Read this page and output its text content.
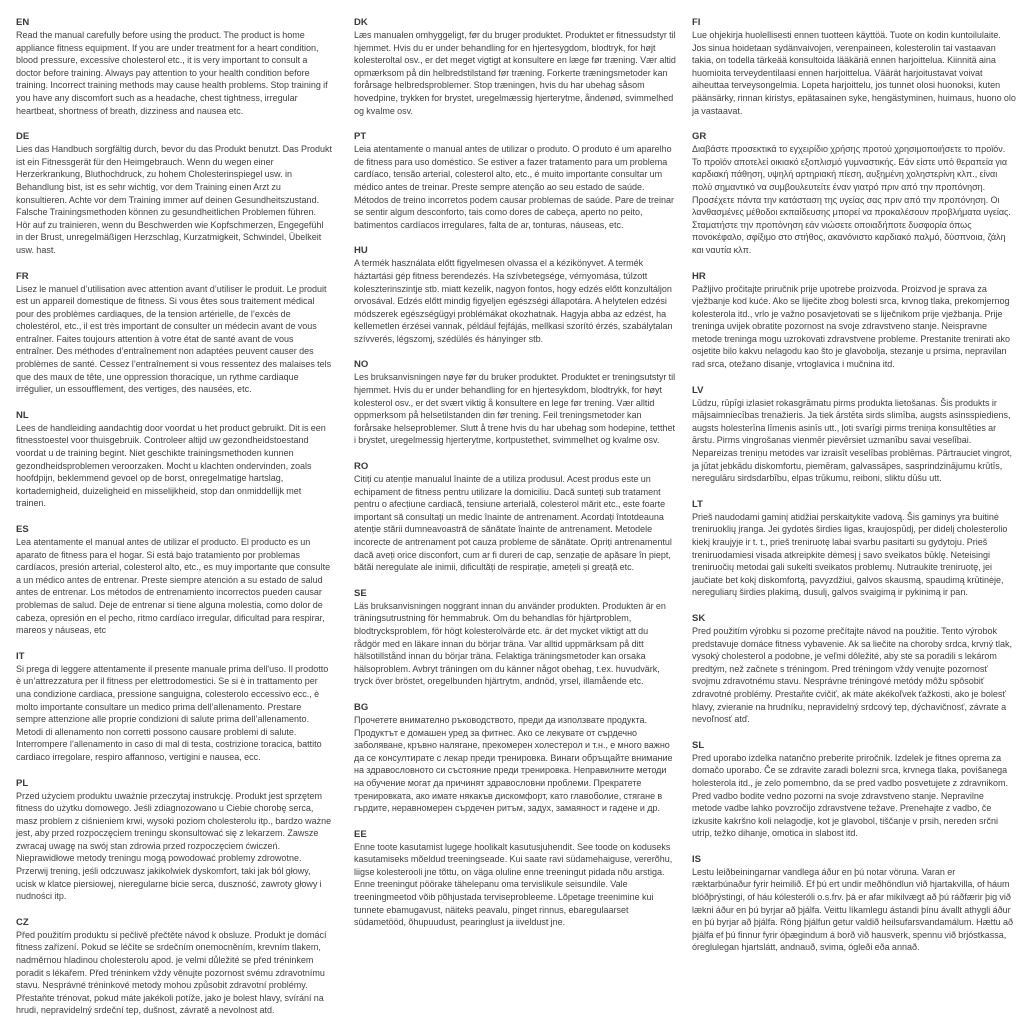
EN

Read the manual carefully before using the product. The product is home appliance fitness equipment. If you are under treatment for a heart condition, blood pressure, excessive cholesterol etc., it is very important to consult a doctor before training. Always pay attention to your health condition before training. Incorrect training methods may cause health problems. Stop training if you have any discomfort such as a headache, chest tightness, irregular heartbeat, shortness of breath, dizziness and nausea etc.

DE

Lies das Handbuch sorgfältig durch, bevor du das Produkt benutzt. Das Produkt ist ein Fitnessgerät für den Heimgebrauch. Wenn du wegen einer Herzerkrankung, Bluthochdruck, zu hohem Cholesterinspiegel usw. in Behandlung bist, ist es sehr wichtig, vor dem Training einen Arzt zu konsultieren. Achte vor dem Training immer auf deinen Gesundheitszustand. Falsche Trainingsmethoden können zu gesundheitlichen Problemen führen. Hör auf zu trainieren, wenn du Beschwerden wie Kopfschmerzen, Engegefühl in der Brust, unregelmäßigen Herzschlag, Kurzatmigkeit, Schwindel, Übelkeit usw. hast.

FR

Lisez le manuel d’utilisation avec attention avant d’utiliser le produit. Le produit est un appareil domestique de fitness. Si vous êtes sous traitement médical pour des problèmes cardiaques, de la tension artérielle, de l’excès de cholestérol, etc., il est très important de consulter un médecin avant de vous entraîner. Faites toujours attention à votre état de santé avant de vous entraîner. Des méthodes d’entraînement non adaptées peuvent causer des problèmes de santé. Cessez l’entraînement si vous ressentez des malaises tels que des maux de tête, une oppression thoracique, un rythme cardiaque irrégulier, un essoufflement, des vertiges, des nausées, etc.

NL

Lees de handleiding aandachtig door voordat u het product gebruikt. Dit is een fitnesstoestel voor thuisgebruik. Controleer altijd uw gezondheidstoestand voordat u de training begint. Niet geschikte trainingsmethoden kunnen gezondheidsproblemen veroorzaken. Mocht u klachten ondervinden, zoals hoofdpijn, beklemmend gevoel op de borst, onregelmatige hartslag, kortademigheid, duizeligheid en misselijkheid, stop dan onmiddellijk met trainen.

ES

Lea atentamente el manual antes de utilizar el producto. El producto es un aparato de fitness para el hogar. Si está bajo tratamiento por problemas cardíacos, presión arterial, colesterol alto, etc., es muy importante que consulte a un médico antes de entrenar. Preste siempre atención a su estado de salud antes de entrenar. Los métodos de entrenamiento incorrectos pueden causar problemas de salud. Deje de entrenar si tiene alguna molestia, como dolor de cabeza, opresión en el pecho, ritmo cardíaco irregular, dificultad para respirar, mareos y náuseas, etc

IT

Si prega di leggere attentamente il presente manuale prima dell'uso. Il prodotto è un’attrezzatura per il fitness per elettrodomestici. Se si è in trattamento per una condizione cardiaca, pressione sanguigna, colesterolo eccessivo ecc., è molto importante consultare un medico prima dell’allenamento. Prestare sempre attenzione alle proprie condizioni di salute prima dell’allenamento. Metodi di allenamento non corretti possono causare problemi di salute. Interrompere l’allenamento in caso di mal di testa, costrizione toracica, battito cardiaco irregolare, respiro affannoso, vertigini e nausea, ecc.

PL

Przed użyciem produktu uważnie przeczytaj instrukcję. Produkt jest sprzętem fitness do użytku domowego. Jeśli zdiagnozowano u Ciebie chorobę serca, masz problem z ciśnieniem krwi, wysoki poziom cholesterolu itp., bardzo ważne jest, aby przed rozpoczęciem treningu skonsultować się z lekarzem. Zawsze zwracaj uwagę na swój stan zdrowia przed rozpoczęciem ćwiczeń. Nieprawidłowe metody treningu mogą powodować problemy zdrowotne. Przerwij trening, jeśli odczuwasz jakikolwiek dyskomfort, taki jak ból głowy, ucisk w klatce piersiowej, nieregularne bicie serca, duszność, zawroty głowy i nudności itp.

CZ

Před použitím produktu si pečlivě přečtěte návod k obsluze. Produkt je domácí fitness zařízení. Pokud se léčíte se srdečním onemocněním, krevním tlakem, nadměrnou hladinou cholesterolu apod. je velmi důležité se před tréninkem poradit s lékařem. Před tréninkem vždy věnujte pozornost svému zdravotnímu stavu. Nesprávné tréninkové metody mohou způsobit zdravotní problémy. Přestaňte trénovat, pokud máte jakékoli potíže, jako je bolest hlavy, svírání na hrudi, nepravidelný srdeční tep, dušnost, závratě a nevolnost atd.

DK

Læs manualen omhyggeligt, før du bruger produktet. Produktet er fitnessudstyr til hjemmet. Hvis du er under behandling for en hjertesygdom, blodtryk, for højt kolesteroltal osv., er det meget vigtigt at konsultere en læge før træning. Vær altid opmærksom på din helbredstilstand før træning. Forkerte træningsmetoder kan forårsage helbredsproblemer. Stop træningen, hvis du har ubehag såsom hovedpine, trykken for brystet, uregelmæssig hjerterytme, åndenød, svimmelhed og kvalme osv.

PT

Leia atentamente o manual antes de utilizar o produto. O produto é um aparelho de fitness para uso doméstico. Se estiver a fazer tratamento para um problema cardíaco, tensão arterial, colesterol alto, etc., é muito importante consultar um médico antes de treinar. Preste sempre atenção ao seu estado de saúde. Métodos de treino incorretos podem causar problemas de saúde. Pare de treinar se sentir algum desconforto, tais como dores de cabeça, aperto no peito, batimentos cardíacos irregulares, falta de ar, tonturas, náuseas, etc.

HU

A termék használata előtt figyelmesen olvassa el a kézikönyvet. A termék háztartási gép fitness berendezés. Ha szívbetegsége, vérnyomása, túlzott koleszterinszintje stb. miatt kezelik, nagyon fontos, hogy edzés előtt konzultáljon orvosával. Edzés előtt mindig figyeljen egészségi állapotára. A helytelen edzési módszerek egészségügyi problémákat okozhatnak. Hagyja abba az edzést, ha kellemetlen érzései vannak, például fejfájás, mellkasi szorító érzés, szabálytalan szívverés, légszomj, szédülés és hányinger stb.

NO

Les bruksanvisningen nøye før du bruker produktet. Produktet er treningsutstyr til hjemmet. Hvis du er under behandling for en hjertesykdom, blodtrykk, for høyt kolesterol osv., er det svært viktig å konsultere en lege før trening. Vær alltid oppmerksom på helsetilstanden din før trening. Feil treningsmetoder kan forårsake helseproblemer. Slutt å trene hvis du har ubehag som hodepine, tetthet i brystet, uregelmessig hjerterytme, kortpustethet, svimmelhet og kvalme osv.

RO

Citiți cu atenție manualul înainte de a utiliza produsul. Acest produs este un echipament de fitness pentru utilizare la domiciliu. Dacă sunteți sub tratament pentru o afecțiune cardiacă, tensiune arterială, colesterol mărit etc., este foarte important să consultați un medic înainte de antrenament. Acordați întotdeauna atenție stării dumneavoastră de sănătate înainte de antrenament. Metodele incorecte de antrenament pot cauza probleme de sănătate. Opriți antrenamentul dacă aveți orice disconfort, cum ar fi dureri de cap, senzație de apăsare în piept, bătăi neregulate ale inimii, dificultăți de respirație, amețeli și greață etc.

SE

Läs bruksanvisningen noggrant innan du använder produkten. Produkten är en träningsutrustning för hemmabruk. Om du behandlas för hjärtproblem, blodtrycksproblem, för högt kolesterolvärde etc. är det mycket viktigt att du rådgör med en läkare innan du börjar träna. Var alltid uppmärksam på ditt hälsotillstånd innan du börjar träna. Felaktiga träningsmetoder kan orsaka hälsoproblem. Avbryt träningen om du känner något obehag, t.ex. huvudvärk, tryck över bröstet, oregelbunden hjärtrytm, andnöd, yrsel, illamående etc.

BG

Прочетете внимателно ръководството, преди да използвате продукта. Продуктът е домашен уред за фитнес. Ако се лекувате от сърдечно заболяване, кръвно налягане, прекомерен холестерол и т.н., е много важно да се консултирате с лекар преди тренировка. Винаги обръщайте внимание на здравословното си състояние преди тренировка. Неправилните методи на обучение могат да причинят здравословни проблеми. Прекратете тренировката, ако имате някакъв дискомфорт, като главоболие, стягане в гърдите, неравномерен сърдечен ритъм, задух, замаяност и гадене и др.

EE

Enne toote kasutamist lugege hoolikalt kasutusjuhendit. See toode on koduseks kasutamiseks mõeldud treeningseade. Kui saate ravi südamehaiguse, vererõhu, liigse kolesterooli jne tõttu, on väga oluline enne treeningut pidada nõu arstiga. Enne treeningut pöörake tähelepanu oma tervislikule seisundile. Vale treeningmeetod võib põhjustada terviseprobleeme. Lõpetage treenimine kui tunnete ebamugavust, näiteks peavalu, pinget rinnus, ebaregulaarset südametööd, õhupuudust, pearinglust ja iiveldust jne.

FI

Lue ohjekirja huolellisesti ennen tuotteen käyttöä. Tuote on kodin kuntoilulaite. Jos sinua hoidetaan sydänvaivojen, verenpaineen, kolesterolin tai vastaavan takia, on todella tärkeää konsultoida lääkäriä ennen harjoittelua. Kiinnitä aina huomioita terveydentilaasi ennen harjoittelua. Väärät harjoitustavat voivat aiheuttaa terveysongelmia. Lopeta harjoittelu, jos tunnet olosi huonoksi, kuten päänsärky, rinnan kiristys, epätasainen syke, hengästyminen, huimaus, huono olo ja vastaavat.

GR

Διαβάστε προσεκτικά το εγχειρίδιο χρήσης προτού χρησιμοποιήσετε το προϊόν. Το προϊόν αποτελεί οικιακό εξοπλισμό γυμναστικής. Εάν είστε υπό θεραπεία για καρδιακή πάθηση, υψηλή αρτηριακή πίεση, αυξημένη χοληστερίνη κλπ., είναι πολύ σημαντικό να συμβουλευτείτε έναν γιατρό πριν από την προπόνηση. Προσέχετε πάντα την κατάσταση της υγείας σας πριν από την προπόνηση. Οι λανθασμένες μέθοδοι εκπαίδευσης μπορεί να προκαλέσουν προβλήματα υγείας. Σταματήστε την προπόνηση εάν νιώσετε οποιαδήποτε δυσφορία όπως πονοκέφαλο, σφίξιμο στο στήθος, ακανόνιστο καρδιακό παλμό, δύσπνοια, ζάλη και ναυτία κλπ.

HR

Pažljivo pročitajte priručnik prije upotrebe proizvoda. Proizvod je sprava za vježbanje kod kuće. Ako se liječite zbog bolesti srca, krvnog tlaka, prekomjernog kolesterola itd., vrlo je važno posavjetovati se s liječnikom prije vježbanja. Prije treninga uvijek obratite pozornost na svoje zdravstveno stanje. Neispravne metode treninga mogu uzrokovati zdravstvene probleme. Prestanite trenirati ako osjetite bilo kakvu nelagodu kao što je glavobolja, stezanje u prsima, nepravilan rad srca, otežano disanje, vrtoglavica i mučnina itd.

LV

Lūdzu, rūpīgi izlasiet rokasgrāmatu pirms produkta lietošanas. Šis produkts ir mājsaimniecības trenažieris. Ja tiek ārstēta sirds slimība, augsts asinsspiediens, augsts holesterīna līmenis asinīs utt., ļoti svarīgi pirms treniņa konsultēties ar ārstu. Pirms vingrošanas vienmēr pievērsiet uzmanību savai veselībai. Nepareizas treniņu metodes var izraisīt veselības problēmas. Pārtrauciet vingrot, ja jūtat jebkādu diskomfortu, piemēram, galvassāpes, sasprindzinājumu krūtīs, neregulāru sirdsdarbību, elpas trūkumu, reiboni, sliktu dūšu utt.

LT

Prieš naudodami gaminį atidžiai perskaitykite vadovą. Šis gaminys yra buitinė treniruoklių įranga. Jei gydotės širdies ligas, kraujospūdį, per didelį cholesterolio kiekį kraujyje ir t. t., prieš treniruotę labai svarbu pasitarti su gydytoju. Prieš treniruodamiesi visada atkreipkite dėmesį į savo sveikatos būklę. Neteisingi treniruočių metodai gali sukelti sveikatos problemų. Nutraukite treniruotę, jei jaučiate bet kokį diskomfortą, pavyzdžiui, galvos skausmą, spaudimą krūtinėje, nereguliarų širdies plakimą, dusulį, galvos svaigimą ir pykinimą ir pan.

SK

Pred použitím výrobku si pozorne prečítajte návod na použitie. Tento výrobok predstavuje domáce fitness vybavenie. Ak sa liečite na choroby srdca, krvný tlak, vysoký cholesterol a podobne, je veľmi dôležité, aby ste sa poradili s lekárom predtým, než začnete s tréningom. Pred tréningom vždy venujte pozornosť svojmu zdravotnému stavu. Nesprávne tréningové metódy môžu spôsobiť zdravotné problémy. Prestaňte cvičiť, ak máte akékoľvek ťažkosti, ako je bolesť hlavy, zvieranie na hrudníku, nepravidelný srdcový tep, dýchavičnosť, závrate a nevoľnosť atď.

SL

Pred uporabo izdelka natančno preberite priročnik. Izdelek je fitnes oprema za domačo uporabo. Če se zdravite zaradi bolezni srca, krvnega tlaka, povišanega holesterola itd., je zelo pomembno, da se pred vadbo posvetujete z zdravnikom. Pred vadbo bodite vedno pozorni na svoje zdravstveno stanje. Nepravilne metode vadbe lahko povzročijo zdravstvene težave. Prenehajte z vadbo, če izkusite kakršno koli nelagodje, kot je glavobol, tiščanje v prsih, nereden srčni utrip, težko dihanje, omotica in slabost itd.

IS

Lestu leiðbeiningarnar vandlega áður en þú notar vöruna. Varan er ræktarbúnaður fyrir heimilið. Ef þú ert undir meðhöndlun við hjartakvilla, of háum blóðþrýstingi, of háu kólesteróli o.s.frv. þá er afar mikilvægt að þú ráðfærir þig við lækni áður en þú byrjar að þjálfa. Veittu líkamlegu ástandi þínu ávallt athygli áður en þú byrjar að þjálfa. Röng þjálfun getur valdið heilsufarsvandamálum. Hættu að þjálfa ef þú finnur fyrir óþægindum á borð við hausverk, spennu við brjóstkassa, óreglulegan hjartslátt, andnauð, svima, ógleði eða annað.
